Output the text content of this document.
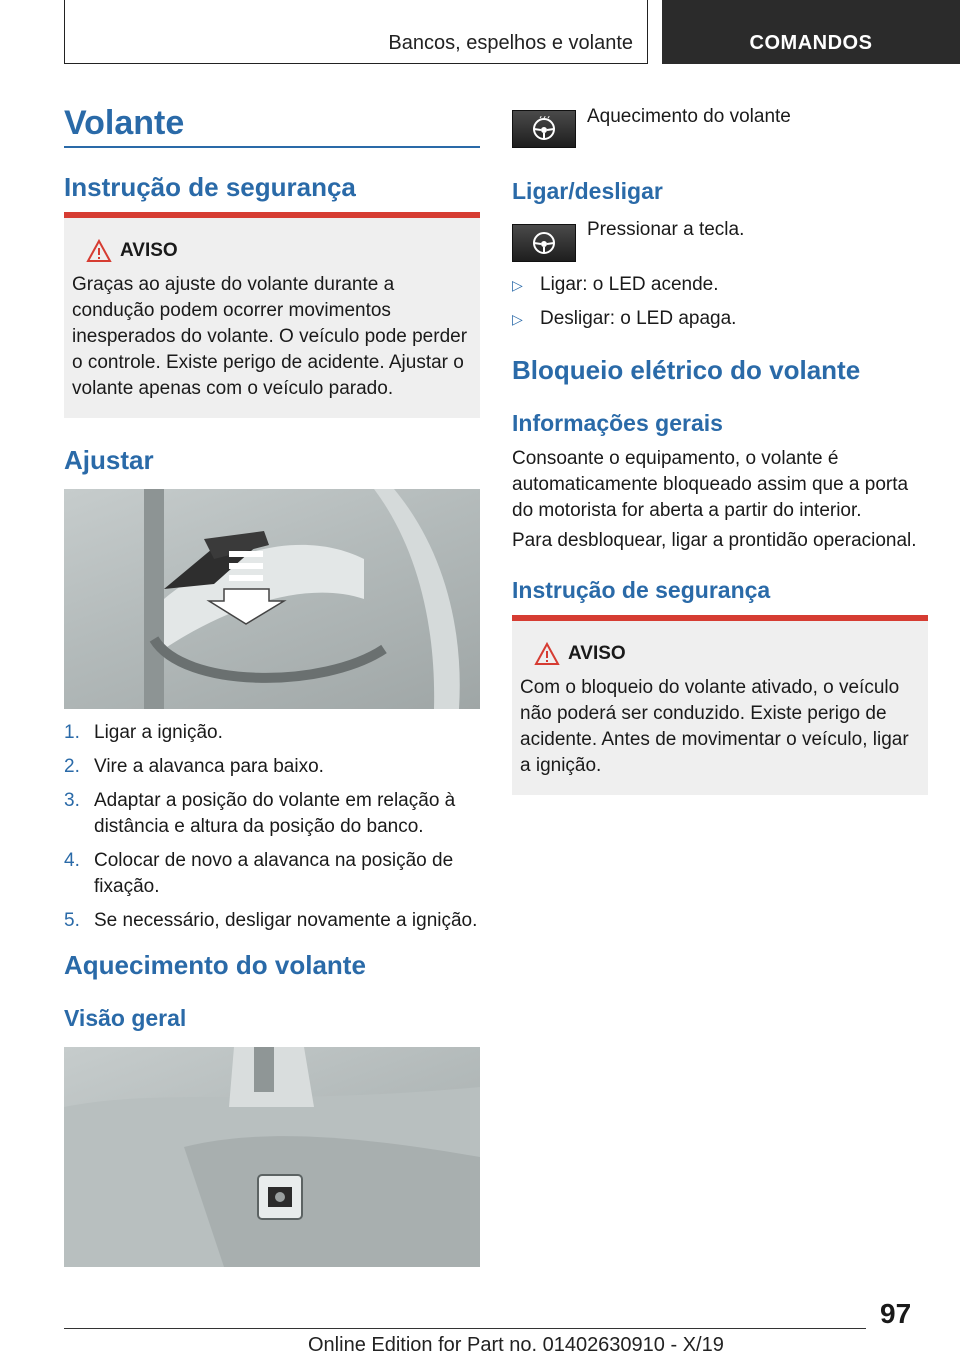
Bancos, espelhos e volante	COMANDOS
Volante
Instrução de segurança
AVISO
Graças ao ajuste do volante durante a condução podem ocorrer movimentos inesperados do volante. O veículo pode perder o controle. Existe perigo de acidente. Ajustar o volante apenas com o veículo parado.
Ajustar
1. Ligar a ignição.
2. Vire a alavanca para baixo.
3. Adaptar a posição do volante em relação à distância e altura da posição do banco.
4. Colocar de novo a alavanca na posição de fixação.
5. Se necessário, desligar novamente a ignição.
Aquecimento do volante
Visão geral
Aquecimento do volante
Ligar/desligar
Pressionar a tecla.
▷ Ligar: o LED acende.
▷ Desligar: o LED apaga.
Bloqueio elétrico do volante
Informações gerais
Consoante o equipamento, o volante é automaticamente bloqueado assim que a porta do motorista for aberta a partir do interior.
Para desbloquear, ligar a prontidão operacional.
Instrução de segurança
AVISO
Com o bloqueio do volante ativado, o veículo não poderá ser conduzido. Existe perigo de acidente. Antes de movimentar o veículo, ligar a ignição.
97
Online Edition for Part no. 01402630910 - X/19
